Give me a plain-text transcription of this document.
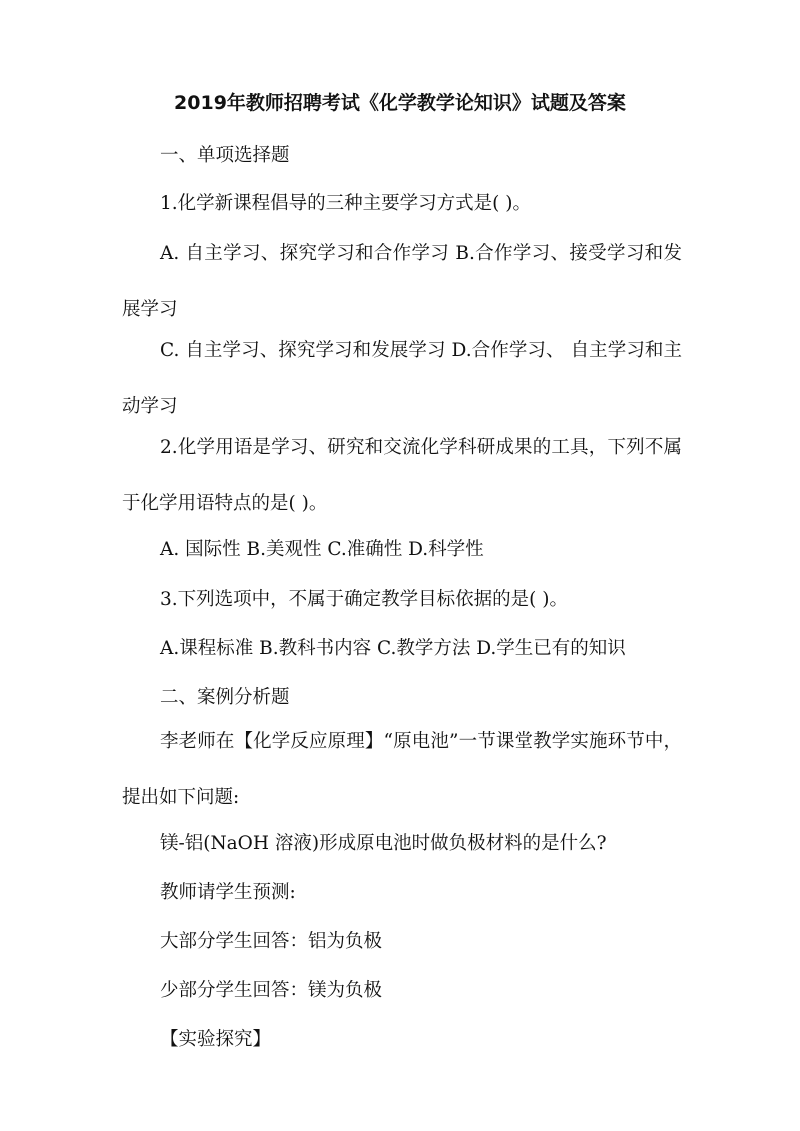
2019年教师招聘考试《化学教学论知识》试题及答案
一、单项选择题
1.化学新课程倡导的三种主要学习方式是( )。
A. 自主学习、探究学习和合作学习 B.合作学习、接受学习和发展学习
C. 自主学习、探究学习和发展学习 D.合作学习、 自主学习和主动学习
2.化学用语是学习、研究和交流化学科研成果的工具，下列不属于化学用语特点的是( )。
A. 国际性 B.美观性 C.准确性 D.科学性
3.下列选项中，不属于确定教学目标依据的是( )。
A.课程标准 B.教科书内容 C.教学方法 D.学生已有的知识
二、案例分析题
李老师在【化学反应原理】“原电池”一节课堂教学实施环节中，提出如下问题:
镁-铝(NaOH 溶液)形成原电池时做负极材料的是什么?
教师请学生预测:
大部分学生回答：铝为负极
少部分学生回答：镁为负极
【实验探究】
